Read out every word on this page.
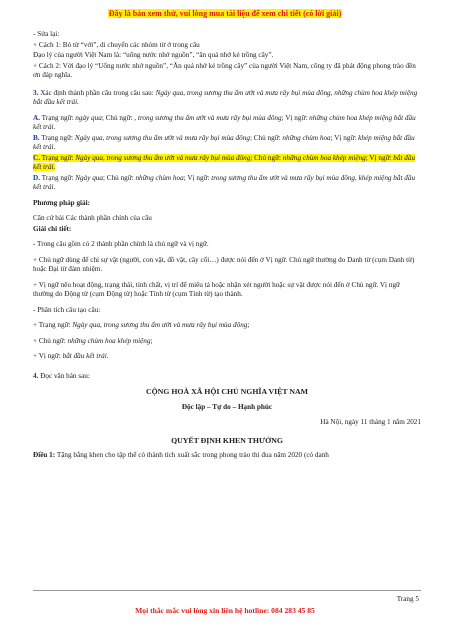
Đây là bản xem thử, vui lòng mua tài liệu để xem chi tiết (có lời giải)

- Sửa lại:

+ Cách 1: Bỏ từ “với”, di chuyển các nhóm từ ở trong câu

Đạo lý của người Việt Nam là: “uống nước nhớ nguồn”, “ăn quả nhớ kẻ trồng cây”.

+ Cách 2: Với đạo lý “Uống nước nhớ nguồn”, “Ăn quả nhớ kẻ trồng cây” của người Việt Nam, công ty đã phát động phong trào đền ơn đáp nghĩa.

3. Xác định thành phần câu trong câu sau: Ngày qua, trong sương thu ẩm ướt và mưa rây bụi mùa đông, những chùm hoa khép miệng bắt đầu kết trái.

A. Trạng ngữ: ngày qua; Chủ ngữ: , trong sương thu ẩm ướt và mưa rây bụi mùa đông; Vị ngữ: những chùm hoa khép miệng bắt đầu kết trái.

B. Trạng ngữ: Ngày qua, trong sương thu ẩm ướt và mưa rây bụi mùa đông; Chủ ngữ: những chùm hoa; Vị ngữ: khép miệng bắt đầu kết trái.

C. Trạng ngữ: Ngày qua, trong sương thu ẩm ướt và mưa rây bụi mùa đông; Chủ ngữ: những chùm hoa khép miệng; Vị ngữ: bắt đầu kết trái.

D. Trạng ngữ: Ngày qua; Chủ ngữ: những chùm hoa; Vị ngữ: trong sương thu ẩm ướt và mưa rây bụi mùa đông, khép miệng bắt đầu kết trái.

Phương pháp giải:

Căn cứ bài Các thành phần chính của câu

Giải chi tiết:

- Trong câu gồm có 2 thành phần chính là chủ ngữ và vị ngữ.

+ Chủ ngữ dùng để chỉ sự vật (người, con vật, đồ vật, cây cối…) được nói đến ở Vị ngữ. Chủ ngữ thường do Danh từ (cụm Danh từ) hoặc Đại từ đảm nhiệm.

+ Vị ngữ nêu hoạt động, trạng thái, tính chất, vị trí để miêu tả hoặc nhận xét người hoặc sự vật được nói đến ở Chủ ngữ. Vị ngữ thường do Động từ (cụm Động từ) hoặc Tính từ (cụm Tính từ) tạo thành.

- Phân tích câu tạo câu:

+ Trạng ngữ: Ngày qua, trong sương thu ẩm ướt và mưa rây bụi mùa đông;

+ Chủ ngữ: những chùm hoa khép miệng;

+ Vị ngữ: bắt đầu kết trái.

4. Đọc văn bản sau:

CỘNG HOÀ XÃ HỘI CHỦ NGHĨA VIỆT NAM

Độc lập – Tự do – Hạnh phúc

Hà Nội, ngày 11 tháng 1 năm 2021

QUYẾT ĐỊNH KHEN THƯỞNG

Điều 1: Tặng bằng khen cho tập thể có thành tích xuất sắc trong phong trào thi đua năm 2020 (có danh

Trang 5
Mọi thắc mắc vui lòng xin liên hệ hotline: 084 283 45 85
